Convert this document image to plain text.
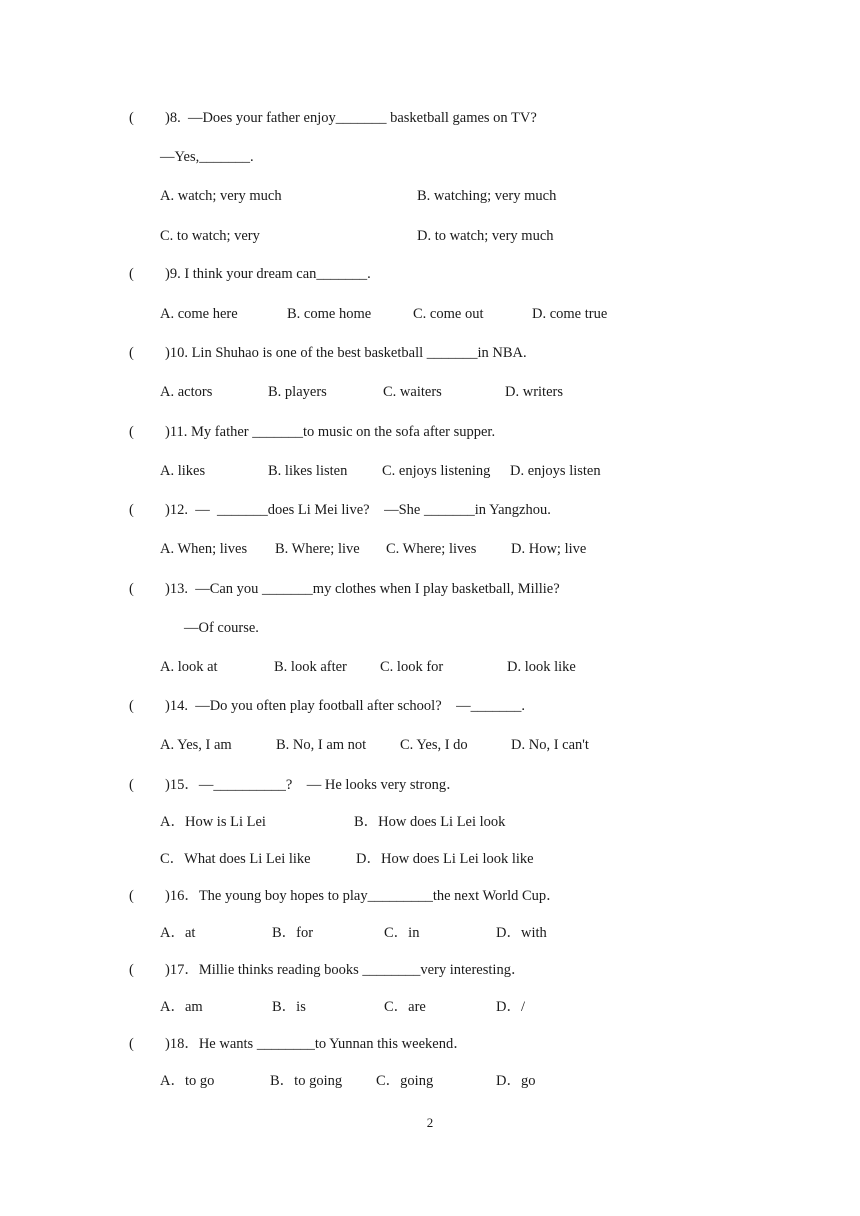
( )8.  —Does your father enjoy_______ basketball games on TV?
—Yes,_______.
A. watch; very much	B. watching; very much
C. to watch; very	D. to watch; very much
( )9. I think your dream can_______.
A. come here	B. come home	C. come out	D. come true
( )10. Lin Shuhao is one of the best basketball _______in NBA.
A. actors	B. players	C. waiters	D. writers
( )11. My father _______to music on the sofa after supper.
A. likes	B. likes listen C. enjoys listening D. enjoys listen
( )12.  —  _______does Li Mei live?    —She _______in Yangzhou.
A. When; lives B. Where; live C. Where; lives D. How; live
( )13.  —Can you _______my clothes when I play basketball, Millie?
—Of course.
A. look at	B. look after C. look for	D. look like
( )14.  —Do you often play football after school?    —_______.
A. Yes, I am	B. No, I am not C. Yes, I do	D. No, I can't
( )15．—__________?    — He looks very strong．
A．How is Li Lei	B．How does Li Lei look
C．What does Li Lei like	D．How does Li Lei look like
( )16．The young boy hopes to play_________the next World Cup．
A．at	B．for	C．in	D．with
( )17．Millie thinks reading books ________very interesting．
A．am	B．is	C．are	D．/
( )18．He wants ________to Yunnan this weekend．
A．to go	B．to going C．going	D．go
2
